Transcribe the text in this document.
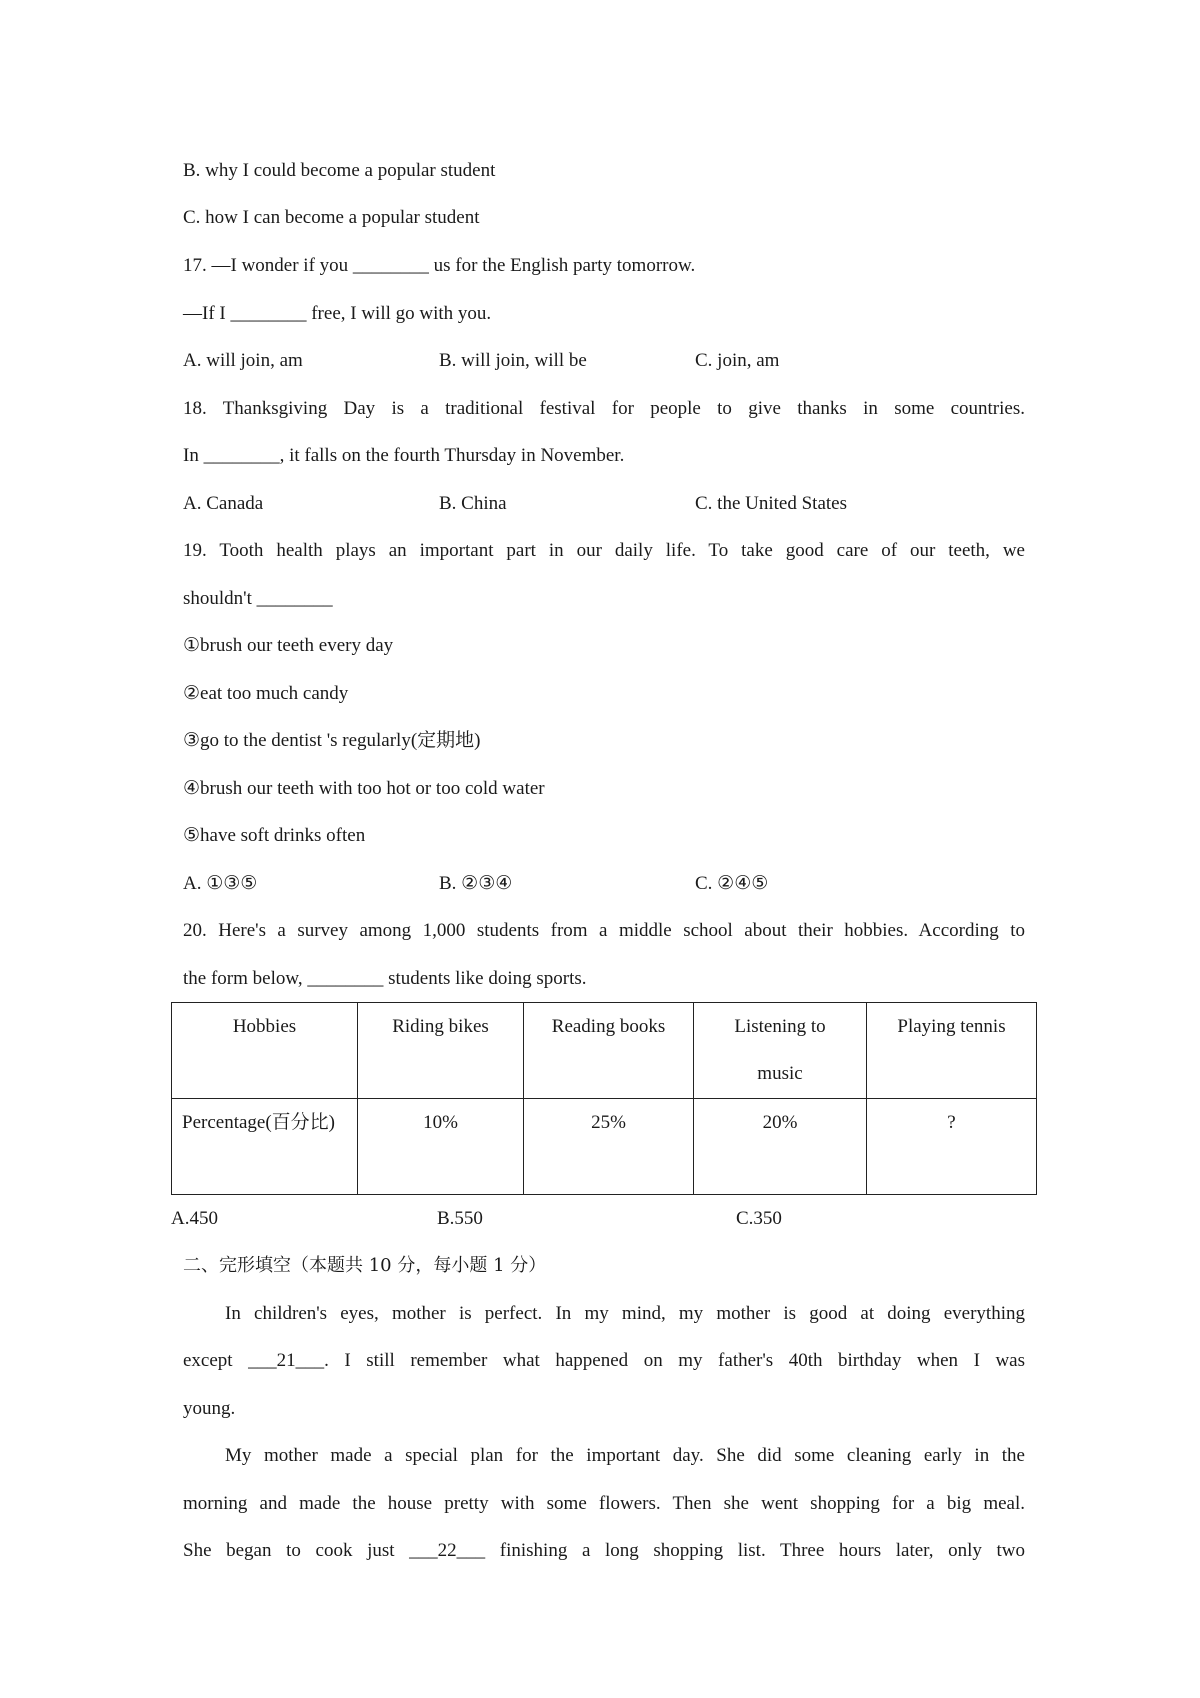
B. why I could become a popular student
C. how I can become a popular student
17. —I wonder if you ________ us for the English party tomorrow.
—If I ________ free, I will go with you.
A. will join, am	B. will join, will be	C. join, am
18. Thanksgiving Day is a traditional festival for people to give thanks in some countries.
In ________, it falls on the fourth Thursday in November.
A. Canada	B. China	C. the United States
19. Tooth health plays an important part in our daily life. To take good care of our teeth, we
shouldn't ________
①brush our teeth every day
②eat too much candy
③go to the dentist 's regularly(定期地)
④brush our teeth with too hot or too cold water
⑤have soft drinks often
A. ①③⑤	B. ②③④	C. ②④⑤
20. Here's a survey among 1,000 students from a middle school about their hobbies. According to
the form below, ________ students like doing sports.
Hobbies	Riding bikes	Reading books	Listening to music	Playing tennis

Percentage(百分比)	10%	25%	20%	?
A.450	B.550	C.350
二、完形填空（本题共 10 分，每小题 1 分）
In children's eyes, mother is perfect. In my mind, my mother is good at doing everything
except ___21___. I still remember what happened on my father's 40th birthday when I was
young.
My mother made a special plan for the important day. She did some cleaning early in the
morning and made the house pretty with some flowers. Then she went shopping for a big meal.
She began to cook just ___22___ finishing a long shopping list. Three hours later, only two
